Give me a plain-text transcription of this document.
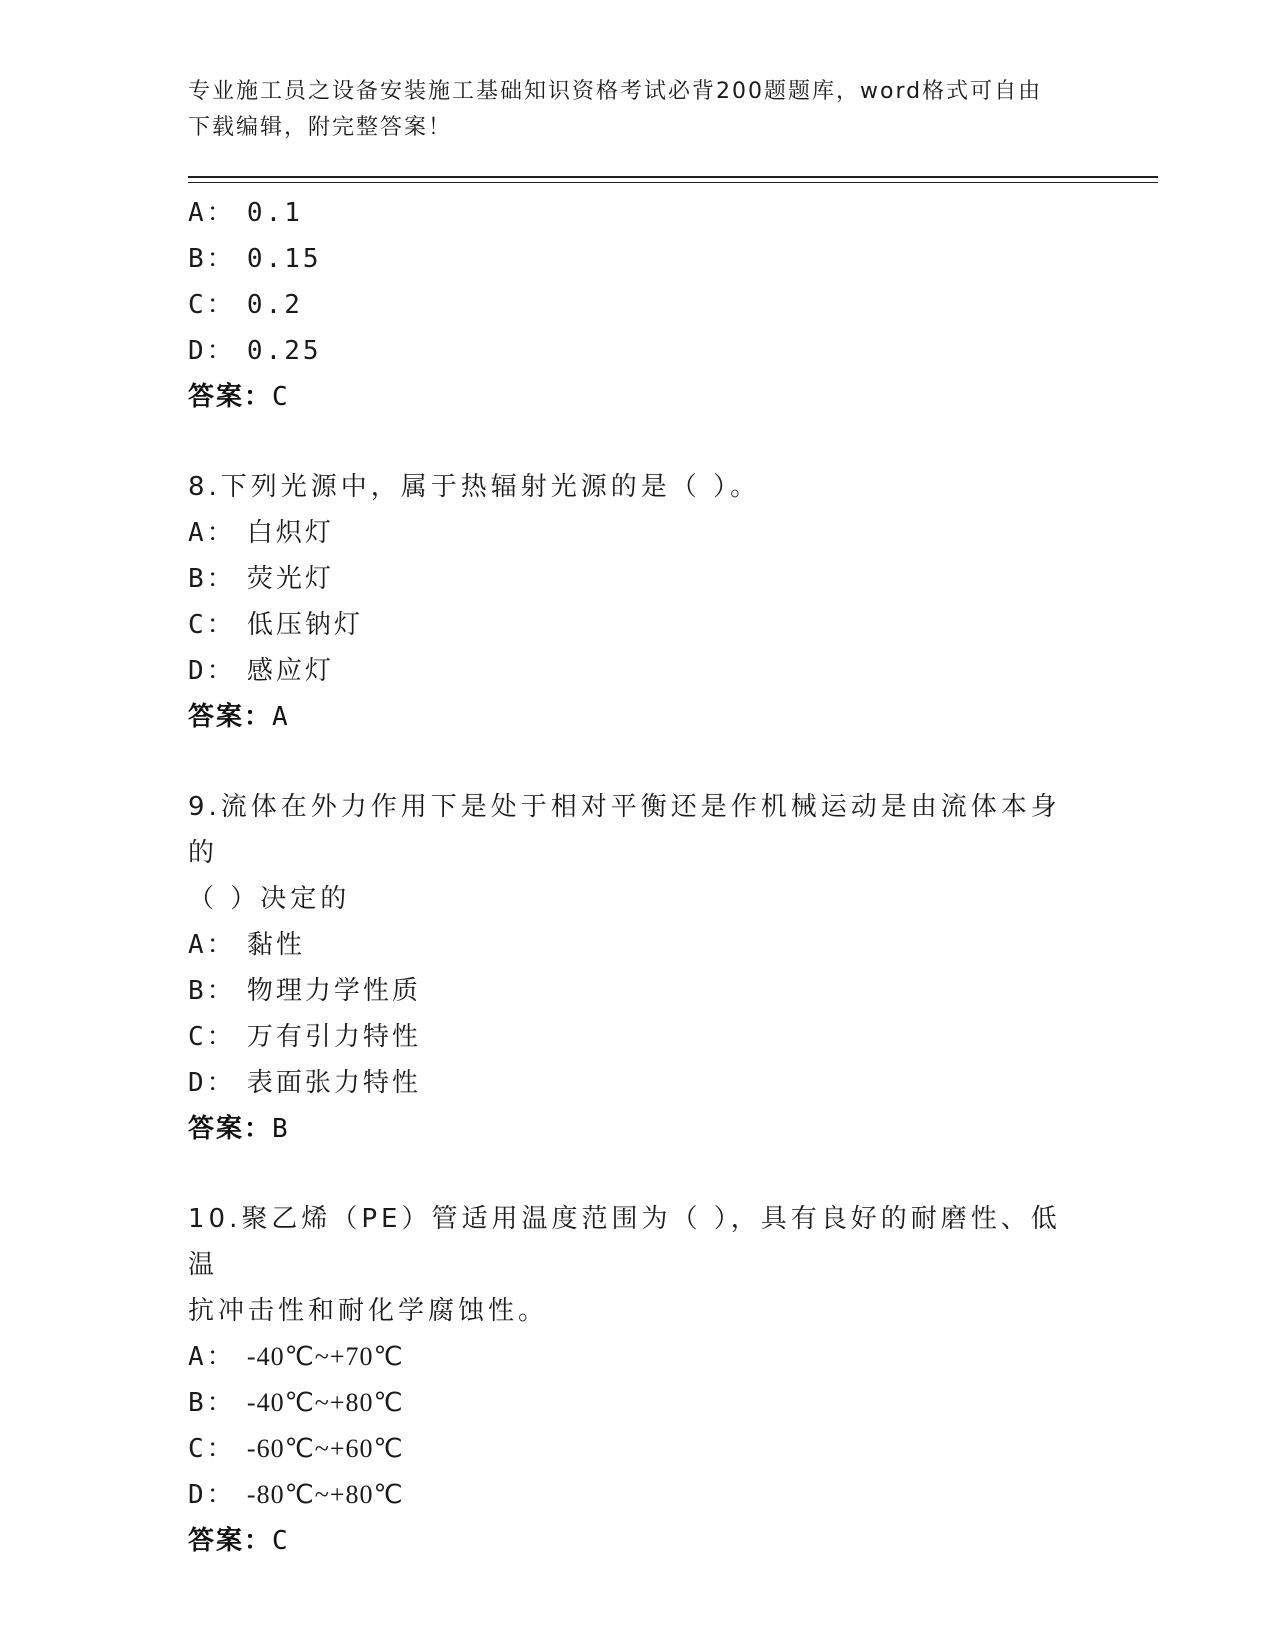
专业施工员之设备安装施工基础知识资格考试必背200题题库，word格式可自由
下载编辑，附完整答案！
A： 0.1
B： 0.15
C： 0.2
D： 0.25
答案：C
8.下列光源中，属于热辐射光源的是（ ）。
A： 白炽灯
B： 荧光灯
C： 低压钠灯
D： 感应灯
答案：A
9.流体在外力作用下是处于相对平衡还是作机械运动是由流体本身的
（ ）决定的
A： 黏性
B： 物理力学性质
C： 万有引力特性
D： 表面张力特性
答案：B
10.聚乙烯（PE）管适用温度范围为（ ），具有良好的耐磨性、低温
抗冲击性和耐化学腐蚀性。
A： -40℃~+70℃
B： -40℃~+80℃
C： -60℃~+60℃
D： -80℃~+80℃
答案：C
